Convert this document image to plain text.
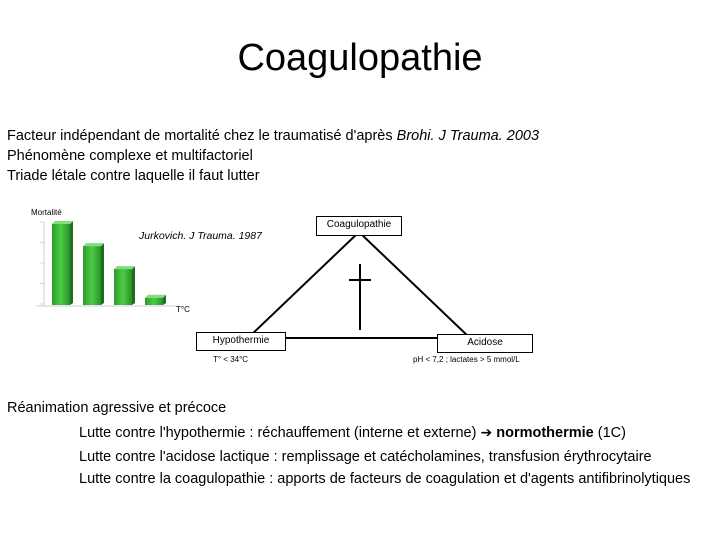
Coagulopathie
Facteur indépendant de mortalité chez le traumatisé d'après Brohi. J Trauma. 2003
Phénomène complexe et multifactoriel
Triade létale contre laquelle il faut lutter
Mortalité
T°C
Jurkovich. J Trauma. 1987
Coagulopathie
Hypothermie	Acidose
T° < 34°C	pH < 7,2 ; lactates > 5 mmol/L
Réanimation agressive et précoce
Lutte contre l'hypothermie : réchauffement (interne et externe) ➔ normothermie (1C)
Lutte contre l'acidose lactique : remplissage et catécholamines, transfusion érythrocytaire
Lutte contre la coagulopathie : apports de facteurs de coagulation et d'agents antifibrinolytiques
